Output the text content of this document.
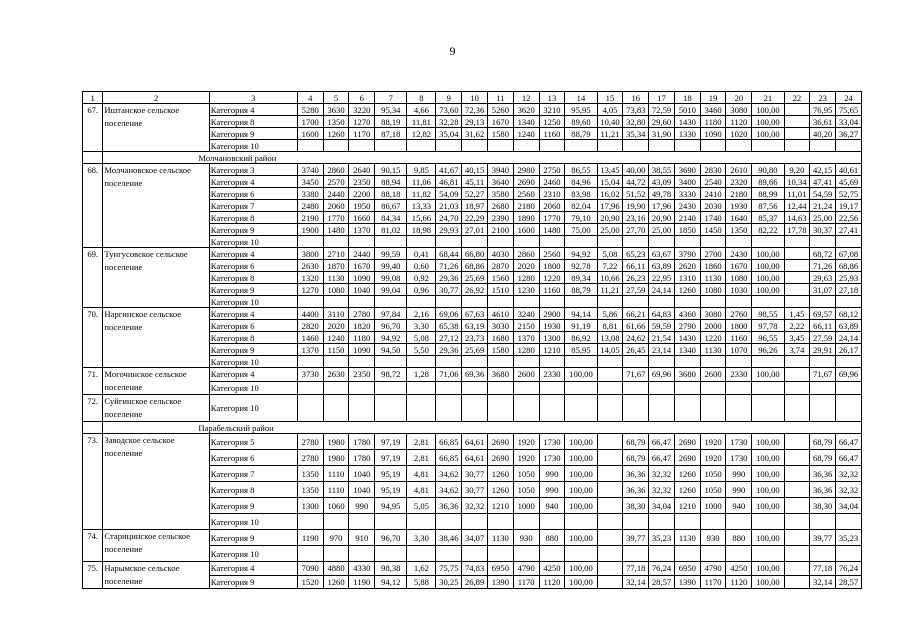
9
1	2	3	4	5	6	7	8	9	10	11	12	13	14	15	16	17	18	19	20	21	22	23	24
67.	Иштанское сельское поселение	Категория 4	5280	3630	3220	95,34	4,66	73,60	72,36	5260	3620	3210	95,95	4,05	73,83	72,59	5010	3460	3080	100,00		76,95	75,65
		Категория 8	1700	1350	1270	88,19	11,81	32,28	29,13	1670	1340	1250	89,60	10,40	32,80	29,60	1430	1180	1120	100,00		36,61	33,04
		Категория 9	1600	1260	1170	87,18	12,82	35,04	31,62	1580	1240	1160	88,79	11,21	35,34	31,90	1330	1090	1020	100,00		40,20	36,27
		Категория 10																					
	Молчановский район																						
68.	Молчановское сельское поселение	Категория 3	3740	2860	2640	90,15	9,85	41,67	40,15	3940	2980	2750	86,55	13,45	40,00	38,55	3690	2830	2610	90,80	9,20	42,15	40,61
		Категория 4	3450	2570	2350	88,94	11,06	46,81	45,11	3640	2690	2460	84,96	15,04	44,72	43,09	3400	2540	2320	89,66	10,34	47,41	45,69
		Категория 6	3380	2440	2200	88,18	11,82	54,09	52,27	3580	2560	2310	83,98	16,02	51,52	49,78	3330	2410	2180	88,99	11,01	54,59	52,75
		Категория 7	2480	2060	1950	86,67	13,33	21,03	18,97	2680	2180	2060	82,04	17,96	19,90	17,96	2430	2030	1930	87,56	12,44	21,24	19,17
		Категория 8	2190	1770	1660	84,34	15,66	24,70	22,29	2390	1890	1770	79,10	20,90	23,16	20,90	2140	1740	1640	85,37	14,63	25,00	22,56
		Категория 9	1900	1480	1370	81,02	18,98	29,93	27,01	2100	1600	1480	75,00	25,00	27,70	25,00	1850	1450	1350	82,22	17,78	30,37	27,41
		Категория 10																					
69.	Тунгусовское сельское поселение	Категория 4	3800	2710	2440	99,59	0,41	68,44	66,80	4030	2860	2560	94,92	5,08	65,23	63,67	3790	2700	2430	100,00		68,72	67,08
		Категория 6	2630	1870	1670	99,40	0,60	71,26	68,86	2870	2020	1800	92,78	7,22	66,11	63,89	2620	1860	1670	100,00		71,26	68,86
		Категория 8	1320	1130	1090	99,08	0,92	29,36	25,69	1560	1280	1220	89,34	10,66	26,23	22,95	1310	1130	1080	100,00		29,63	25,93
		Категория 9	1270	1080	1040	99,04	0,96	30,77	26,92	1510	1230	1160	88,79	11,21	27,59	24,14	1260	1080	1030	100,00		31,07	27,18
		Категория 10																					
70.	Наргинское сельское поселение	Категория 4	4400	3110	2780	97,84	2,16	69,06	67,63	4610	3240	2900	94,14	5,86	66,21	64,83	4360	3080	2760	98,55	1,45	69,57	68,12
		Категория 6	2820	2020	1820	96,70	3,30	65,38	63,19	3030	2150	1930	91,19	8,81	61,66	59,59	2790	2000	1800	97,78	2,22	66,11	63,89
		Категория 8	1460	1240	1180	94,92	5,08	27,12	23,73	1680	1370	1300	86,92	13,08	24,62	21,54	1430	1220	1160	96,55	3,45	27,59	24,14
		Категория 9	1370	1150	1090	94,50	5,50	29,36	25,69	1580	1280	1210	85,95	14,05	26,45	23,14	1340	1130	1070	96,26	3,74	29,91	26,17
		Категория 10																					
71.	Могочинское сельское поселение	Категория 4	3730	2630	2350	98,72	1,28	71,06	69,36	3680	2600	2330	100,00		71,67	69,96	3680	2600	2330	100,00		71,67	69,96
		Категория 10																					
72.	Суйгинское сельское поселение	Категория 10																					
	Парабельский район																						
73.	Заводское сельское поселение	Категория 5	2780	1980	1780	97,19	2,81	66,85	64,61	2690	1920	1730	100,00		68,79	66,47	2690	1920	1730	100,00		68,79	66,47
		Категория 6	2780	1980	1780	97,19	2,81	66,85	64,61	2690	1920	1730	100,00		68,79	66,47	2690	1920	1730	100,00		68,79	66,47
		Категория 7	1350	1110	1040	95,19	4,81	34,62	30,77	1260	1050	990	100,00		36,36	32,32	1260	1050	990	100,00		36,36	32,32
		Категория 8	1350	1110	1040	95,19	4,81	34,62	30,77	1260	1050	990	100,00		36,36	32,32	1260	1050	990	100,00		36,36	32,32
		Категория 9	1300	1060	990	94,95	5,05	36,36	32,32	1210	1000	940	100,00		38,30	34,04	1210	1000	940	100,00		38,30	34,04
		Категория 10																					
74.	Старицинское сельское поселение	Категория 9	1190	970	910	96,70	3,30	38,46	34,07	1130	930	880	100,00		39,77	35,23	1130	930	880	100,00		39,77	35,23
		Категория 10																					
75.	Нарымское сельское поселение	Категория 4	7090	4880	4330	98,38	1,62	75,75	74,83	6950	4790	4250	100,00		77,18	76,24	6950	4790	4250	100,00		77,18	76,24
		Категория 9	1520	1260	1190	94,12	5,88	30,25	26,89	1390	1170	1120	100,00		32,14	28,57	1390	1170	1120	100,00		32,14	28,57
